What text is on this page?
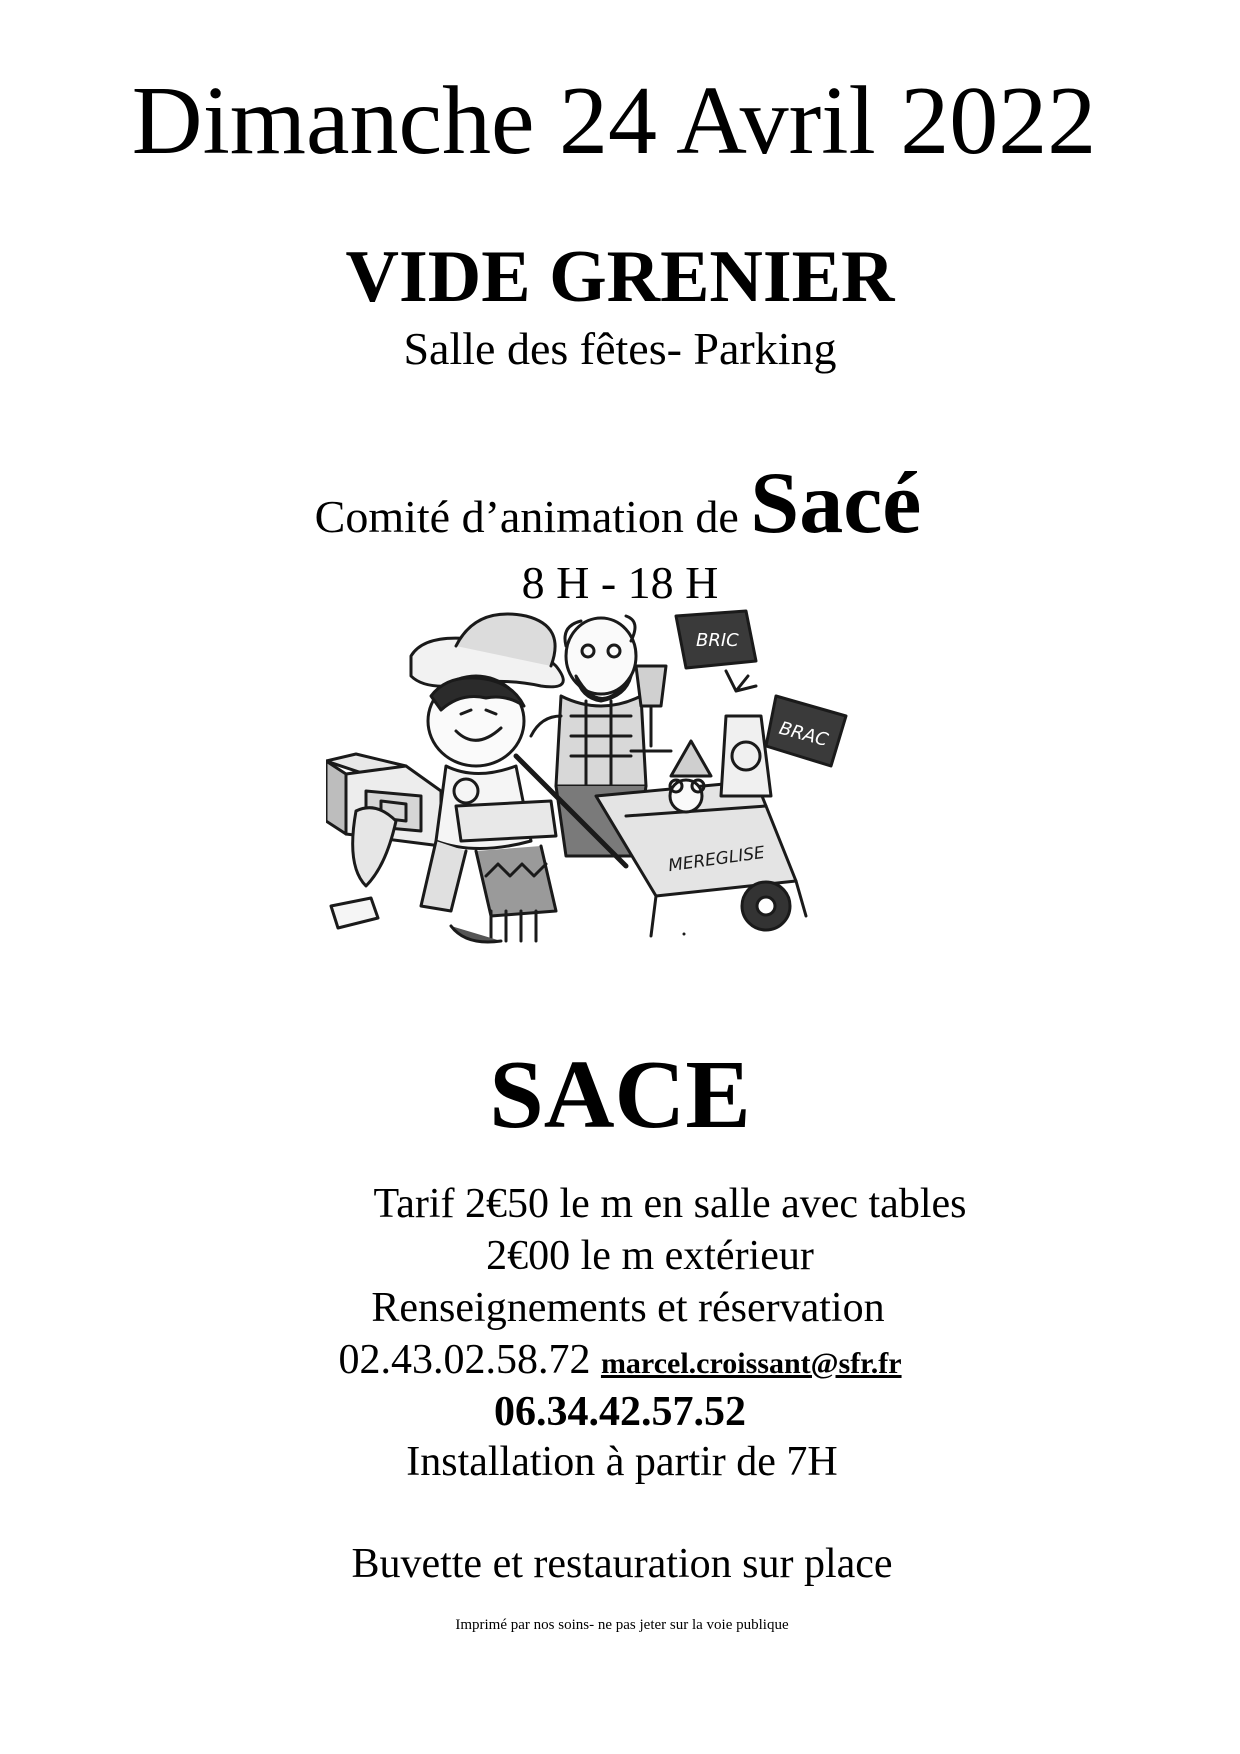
Dimanche 24 Avril 2022
VIDE GRENIER
Salle des fêtes- Parking
Comité d’animation de Sacé
8 H - 18 H
BRIC
BRAC
MEREGLISE
SACE
Tarif 2€50 le m en salle avec tables
2€00 le m extérieur
Renseignements et réservation
02.43.02.58.72 marcel.croissant@sfr.fr
06.34.42.57.52
Installation à partir de 7H
Buvette et restauration sur place
Imprimé par nos soins- ne pas jeter sur la voie publique
